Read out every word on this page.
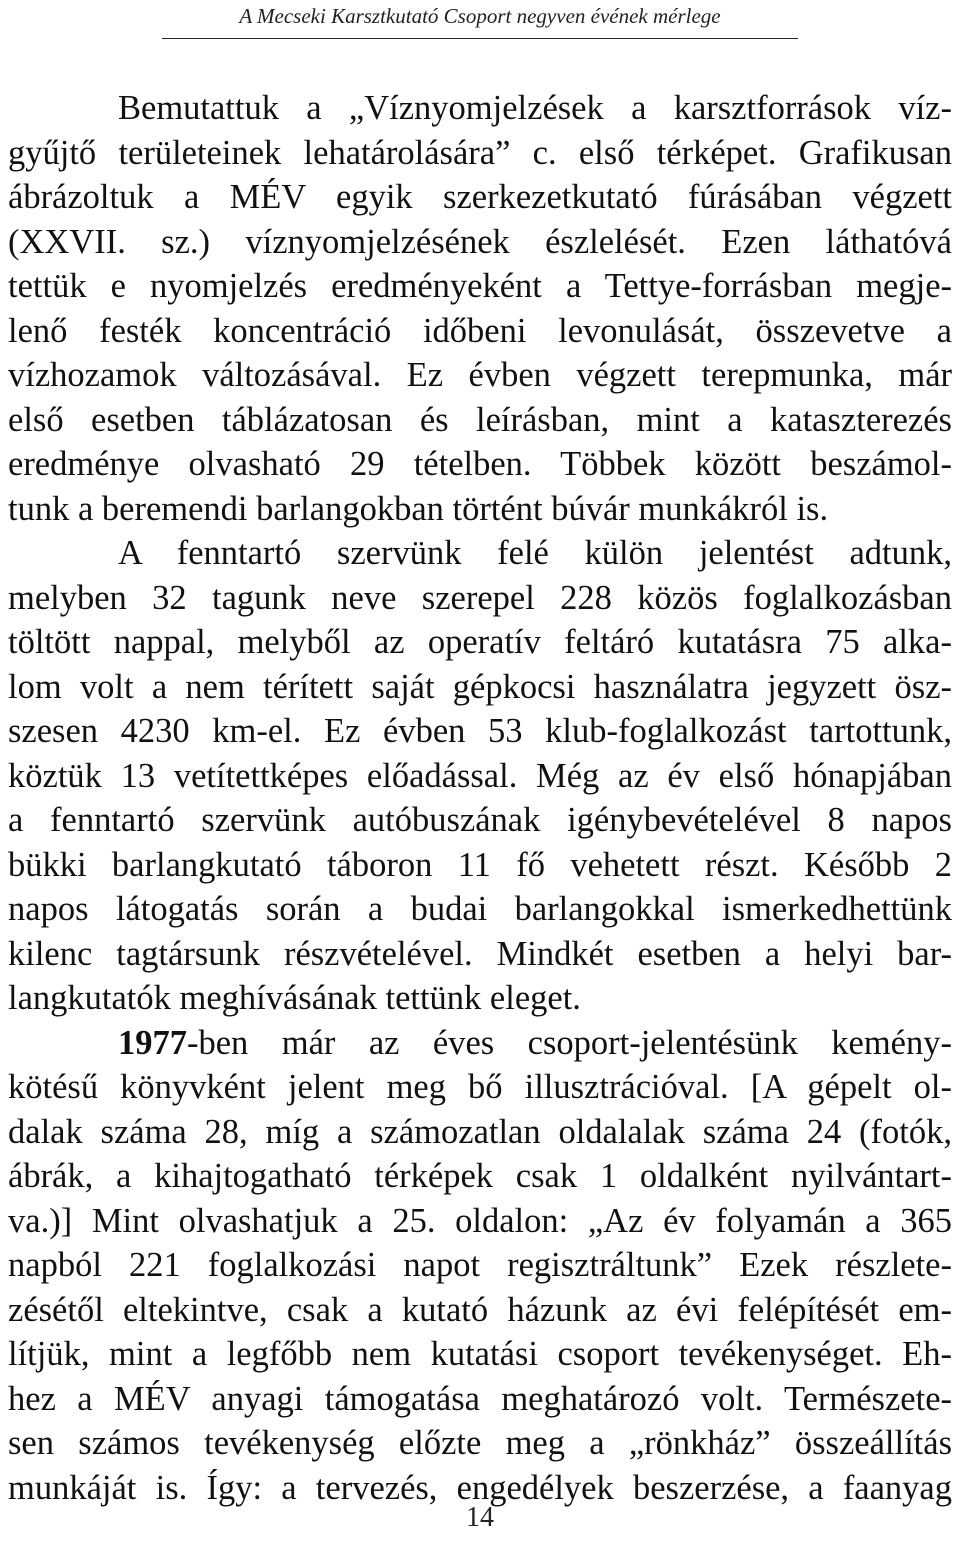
A Mecseki Karsztkutató Csoport negyven évének mérlege
Bemutattuk a „Víznyomjelzések a karsztforrások víz-
gyűjtő területeinek lehatárolására” c. első térképet. Grafikusan
ábrázoltuk a MÉV egyik szerkezetkutató fúrásában végzett
(XXVII. sz.) víznyomjelzésének észlelését. Ezen láthatóvá
tettük e nyomjelzés eredményeként a Tettye-forrásban megje-
lenő festék koncentráció időbeni levonulását, összevetve a
vízhozamok változásával. Ez évben végzett terepmunka, már
első esetben táblázatosan és leírásban, mint a kataszterezés
eredménye olvasható 29 tételben. Többek között beszámol-
tunk a beremendi barlangokban történt búvár munkákról is.
A fenntartó szervünk felé külön jelentést adtunk,
melyben 32 tagunk neve szerepel 228 közös foglalkozásban
töltött nappal, melyből az operatív feltáró kutatásra 75 alka-
lom volt a nem térített saját gépkocsi használatra jegyzett ösz-
szesen 4230 km-el. Ez évben 53 klub-foglalkozást tartottunk,
köztük 13 vetítettképes előadással. Még az év első hónapjában
a fenntartó szervünk autóbuszának igénybevételével 8 napos
bükki barlangkutató táboron 11 fő vehetett részt. Később 2
napos látogatás során a budai barlangokkal ismerkedhettünk
kilenc tagtársunk részvételével. Mindkét esetben a helyi bar-
langkutatók meghívásának tettünk eleget.
1977-ben már az éves csoport-jelentésünk kemény-
kötésű könyvként jelent meg bő illusztrációval. [A gépelt ol-
dalak száma 28, míg a számozatlan oldalalak száma 24 (fotók,
ábrák, a kihajtogatható térképek csak 1 oldalként nyilvántart-
va.)] Mint olvashatjuk a 25. oldalon: „Az év folyamán a 365
napból 221 foglalkozási napot regisztráltunk” Ezek részlete-
zésétől eltekintve, csak a kutató házunk az évi felépítését em-
lítjük, mint a legfőbb nem kutatási csoport tevékenységet. Eh-
hez a MÉV anyagi támogatása meghatározó volt. Természete-
sen számos tevékenység előzte meg a „rönkház” összeállítás
munkáját is. Így: a tervezés, engedélyek beszerzése, a faanyag
14
